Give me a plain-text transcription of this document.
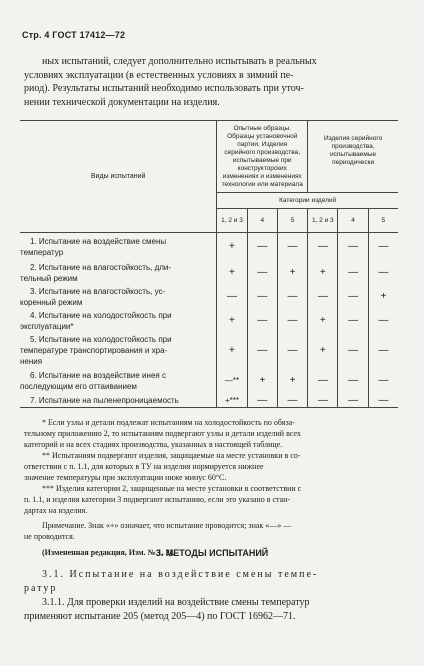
Стр. 4 ГОСТ 17412—72
ных испытаний, следует дополнительно испытывать в реальных
условиях эксплуатации (в естественных условиях в зимний пе-
риод). Результаты испытаний необходимо использовать при уточ-
нении технической документации на изделия.
Виды испытаний	Опытные образцы. Образцы установочной партии. Изделия серийного производства, испытываемые при конструкторских изменениях и изменениях технологии или материала			Изделия серийного производства, испытываемые периодически		
	Категории изделий					
	1, 2 и 3	4	5	1, 2 и 3	4	5

1. Испытание на воздействие смены
температур	+	—	—	—	—	—

2. Испытание на влагостойкость, дли-
тельный режим	+	—	+	+	—	—

3. Испытание на влагостойкость, ус-
коренный режим	—	—	—	—	—	+

4. Испытание на холодостойкость при
эксплуатации*	+	—	—	+	—	—

5. Испытание на холодостойкость при
температуре транспортирования и хра-
нения	+	—	—	+	—	—

6. Испытание на воздействие инея с
последующим его оттаиванием	—**	+	+	—	—	—

7. Испытание на пыленепроницаемость	+***	—	—	—	—	—
* Если узлы и детали подлежат испытаниям на холодостойкость по обяза-
тельному приложению 2, то испытаниям подвергают узлы и детали изделий всех
категорий и на всех стадиях производства, указанных в настоящей таблице.
** Испытаниям подвергают изделия, защищаемые на месте установки в со-
ответствии с п. 1.1, для которых в ТУ на изделия нормируется нижнее
значение температуры при эксплуатации ниже минус 60°С.
*** Изделия категории 2, защищенные на месте установки в соответствии с
п. 1.1, и изделия категории 3 подвергают испытанию, если это указано в стан-
дартах на изделия.
Примечание. Знак «+» означает, что испытание проводится; знак «—» —
не проводится.
(Измененная редакция, Изм. № 1, 2).
3. МЕТОДЫ ИСПЫТАНИЙ
3.1. Испытание на воздействие смены темпе-
ратур
3.1.1. Для проверки изделий на воздействие смены температур
применяют испытание 205 (метод 205—4) по ГОСТ 16962—71.
